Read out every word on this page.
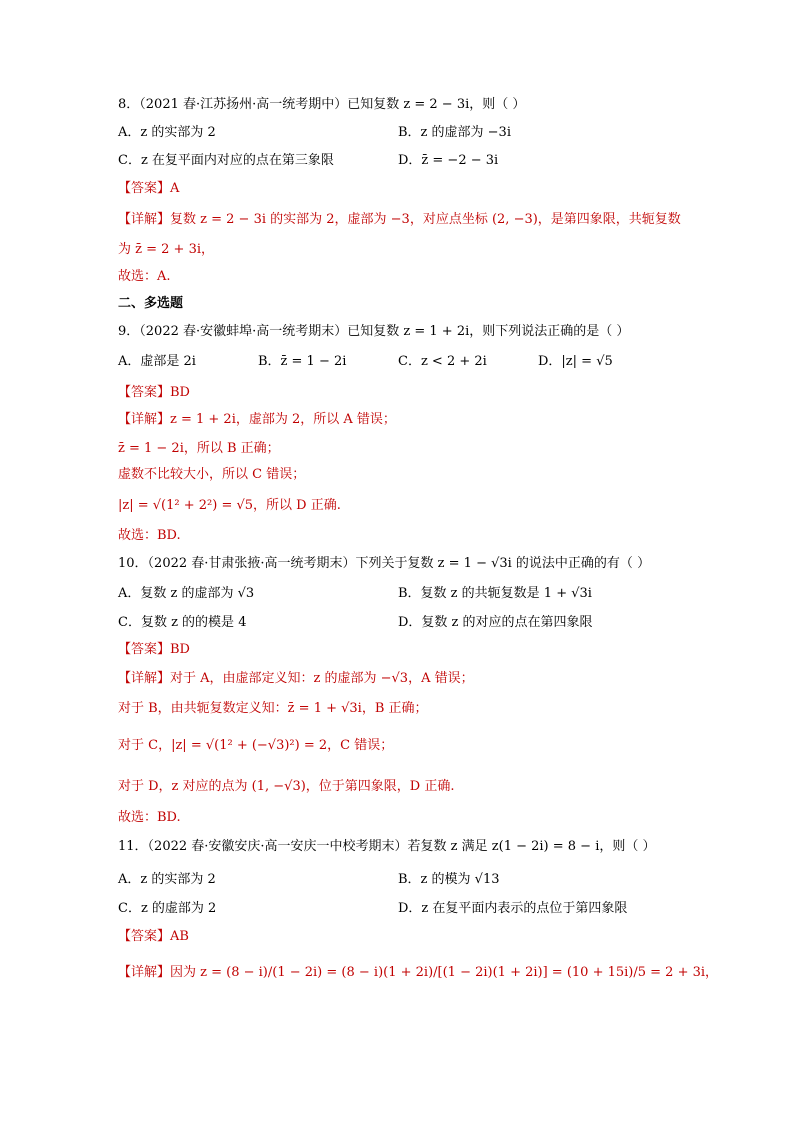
8．（2021 春·江苏扬州·高一统考期中）已知复数 z = 2 − 3i，则（ ）
A．z 的实部为 2	B．z 的虚部为 −3i
C．z 在复平面内对应的点在第三象限	D．z̄ = −2 − 3i
【答案】A
【详解】复数 z = 2 − 3i 的实部为 2，虚部为 −3，对应点坐标 (2, −3)，是第四象限，共轭复数
为 z̄ = 2 + 3i，
故选：A.
二、多选题
9．（2022 春·安徽蚌埠·高一统考期末）已知复数 z = 1 + 2i，则下列说法正确的是（ ）
A．虚部是 2i	B．z̄ = 1 − 2i	C．z < 2 + 2i	D．|z| = √5
【答案】BD
【详解】z = 1 + 2i，虚部为 2，所以 A 错误；
z̄ = 1 − 2i，所以 B 正确；
虚数不比较大小，所以 C 错误；
|z| = √(1² + 2²) = √5，所以 D 正确.
故选：BD.
10．（2022 春·甘肃张掖·高一统考期末）下列关于复数 z = 1 − √3i 的说法中正确的有（ ）
A．复数 z 的虚部为 √3	B．复数 z 的共轭复数是 1 + √3i
C．复数 z 的的模是 4	D．复数 z 的对应的点在第四象限
【答案】BD
【详解】对于 A，由虚部定义知：z 的虚部为 −√3，A 错误；
对于 B，由共轭复数定义知：z̄ = 1 + √3i，B 正确；
对于 C，|z| = √(1² + (−√3)²) = 2，C 错误；
对于 D，z 对应的点为 (1, −√3)，位于第四象限，D 正确.
故选：BD.
11．（2022 春·安徽安庆·高一安庆一中校考期末）若复数 z 满足 z(1 − 2i) = 8 − i，则（ ）
A．z 的实部为 2	B．z 的模为 √13
C．z 的虚部为 2	D．z 在复平面内表示的点位于第四象限
【答案】AB
【详解】因为 z = (8 − i)/(1 − 2i) = (8 − i)(1 + 2i)/[(1 − 2i)(1 + 2i)] = (10 + 15i)/5 = 2 + 3i，
